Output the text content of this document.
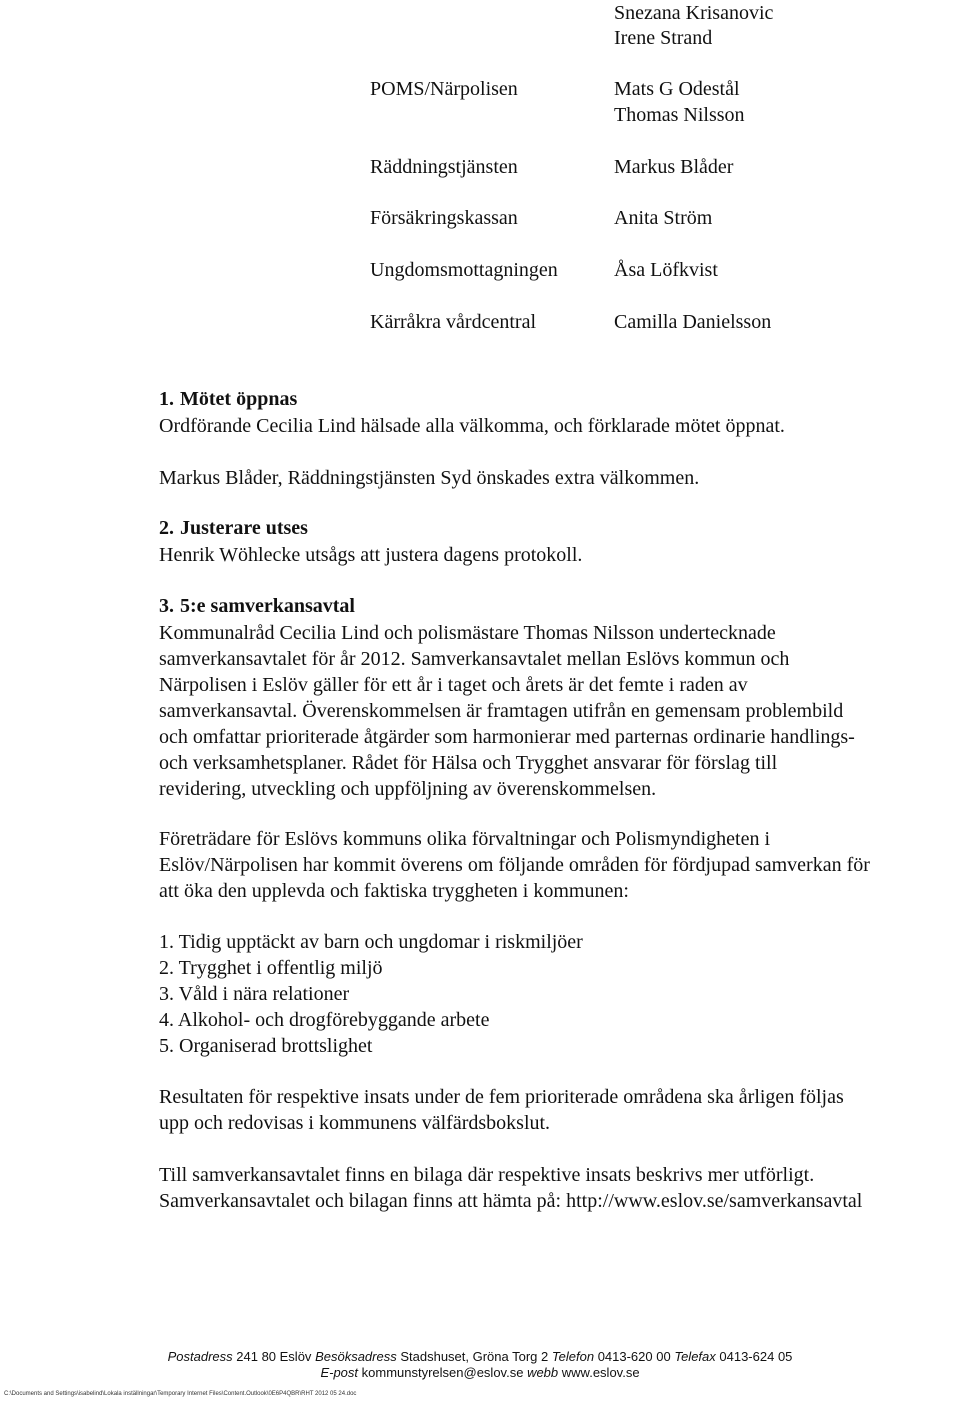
Snezana Krisanovic
Irene Strand
POMS/Närpolisen	Mats G Odestål
Thomas Nilsson
Räddningstjänsten	Markus Blåder
Försäkringskassan	Anita Ström
Ungdomsmottagningen	Åsa Löfkvist
Kärråkra vårdcentral	Camilla Danielsson
1. Mötet öppnas
Ordförande Cecilia Lind hälsade alla välkomma, och förklarade mötet öppnat.
Markus Blåder, Räddningstjänsten Syd önskades extra välkommen.
2. Justerare utses
Henrik Wöhlecke utsågs att justera dagens protokoll.
3. 5:e samverkansavtal
Kommunalråd Cecilia Lind och polismästare Thomas Nilsson undertecknade
samverkansavtalet för år 2012. Samverkansavtalet mellan Eslövs kommun och
Närpolisen i Eslöv gäller för ett år i taget och årets är det femte i raden av
samverkansavtal. Överenskommelsen är framtagen utifrån en gemensam problembild
och omfattar prioriterade åtgärder som harmonierar med parternas ordinarie handlings-
och verksamhetsplaner. Rådet för Hälsa och Trygghet ansvarar för förslag till
revidering, utveckling och uppföljning av överenskommelsen.
Företrädare för Eslövs kommuns olika förvaltningar och Polismyndigheten i
Eslöv/Närpolisen har kommit överens om följande områden för fördjupad samverkan för
att öka den upplevda och faktiska tryggheten i kommunen:
1. Tidig upptäckt av barn och ungdomar i riskmiljöer
2. Trygghet i offentlig miljö
3. Våld i nära relationer
4. Alkohol- och drogförebyggande arbete
5. Organiserad brottslighet
Resultaten för respektive insats under de fem prioriterade områdena ska årligen följas
upp och redovisas i kommunens välfärdsbokslut.
Till samverkansavtalet finns en bilaga där respektive insats beskrivs mer utförligt.
Samverkansavtalet och bilagan finns att hämta på: http://www.eslov.se/samverkansavtal
Postadress 241 80 Eslöv Besöksadress Stadshuset, Gröna Torg 2 Telefon 0413-620 00 Telefax 0413-624 05
E-post kommunstyrelsen@eslov.se webb www.eslov.se
C:\Documents and Settings\isabelind\Lokala inställningar\Temporary Internet Files\Content.Outlook\0E6P4QBR\RHT 2012 05 24.doc
